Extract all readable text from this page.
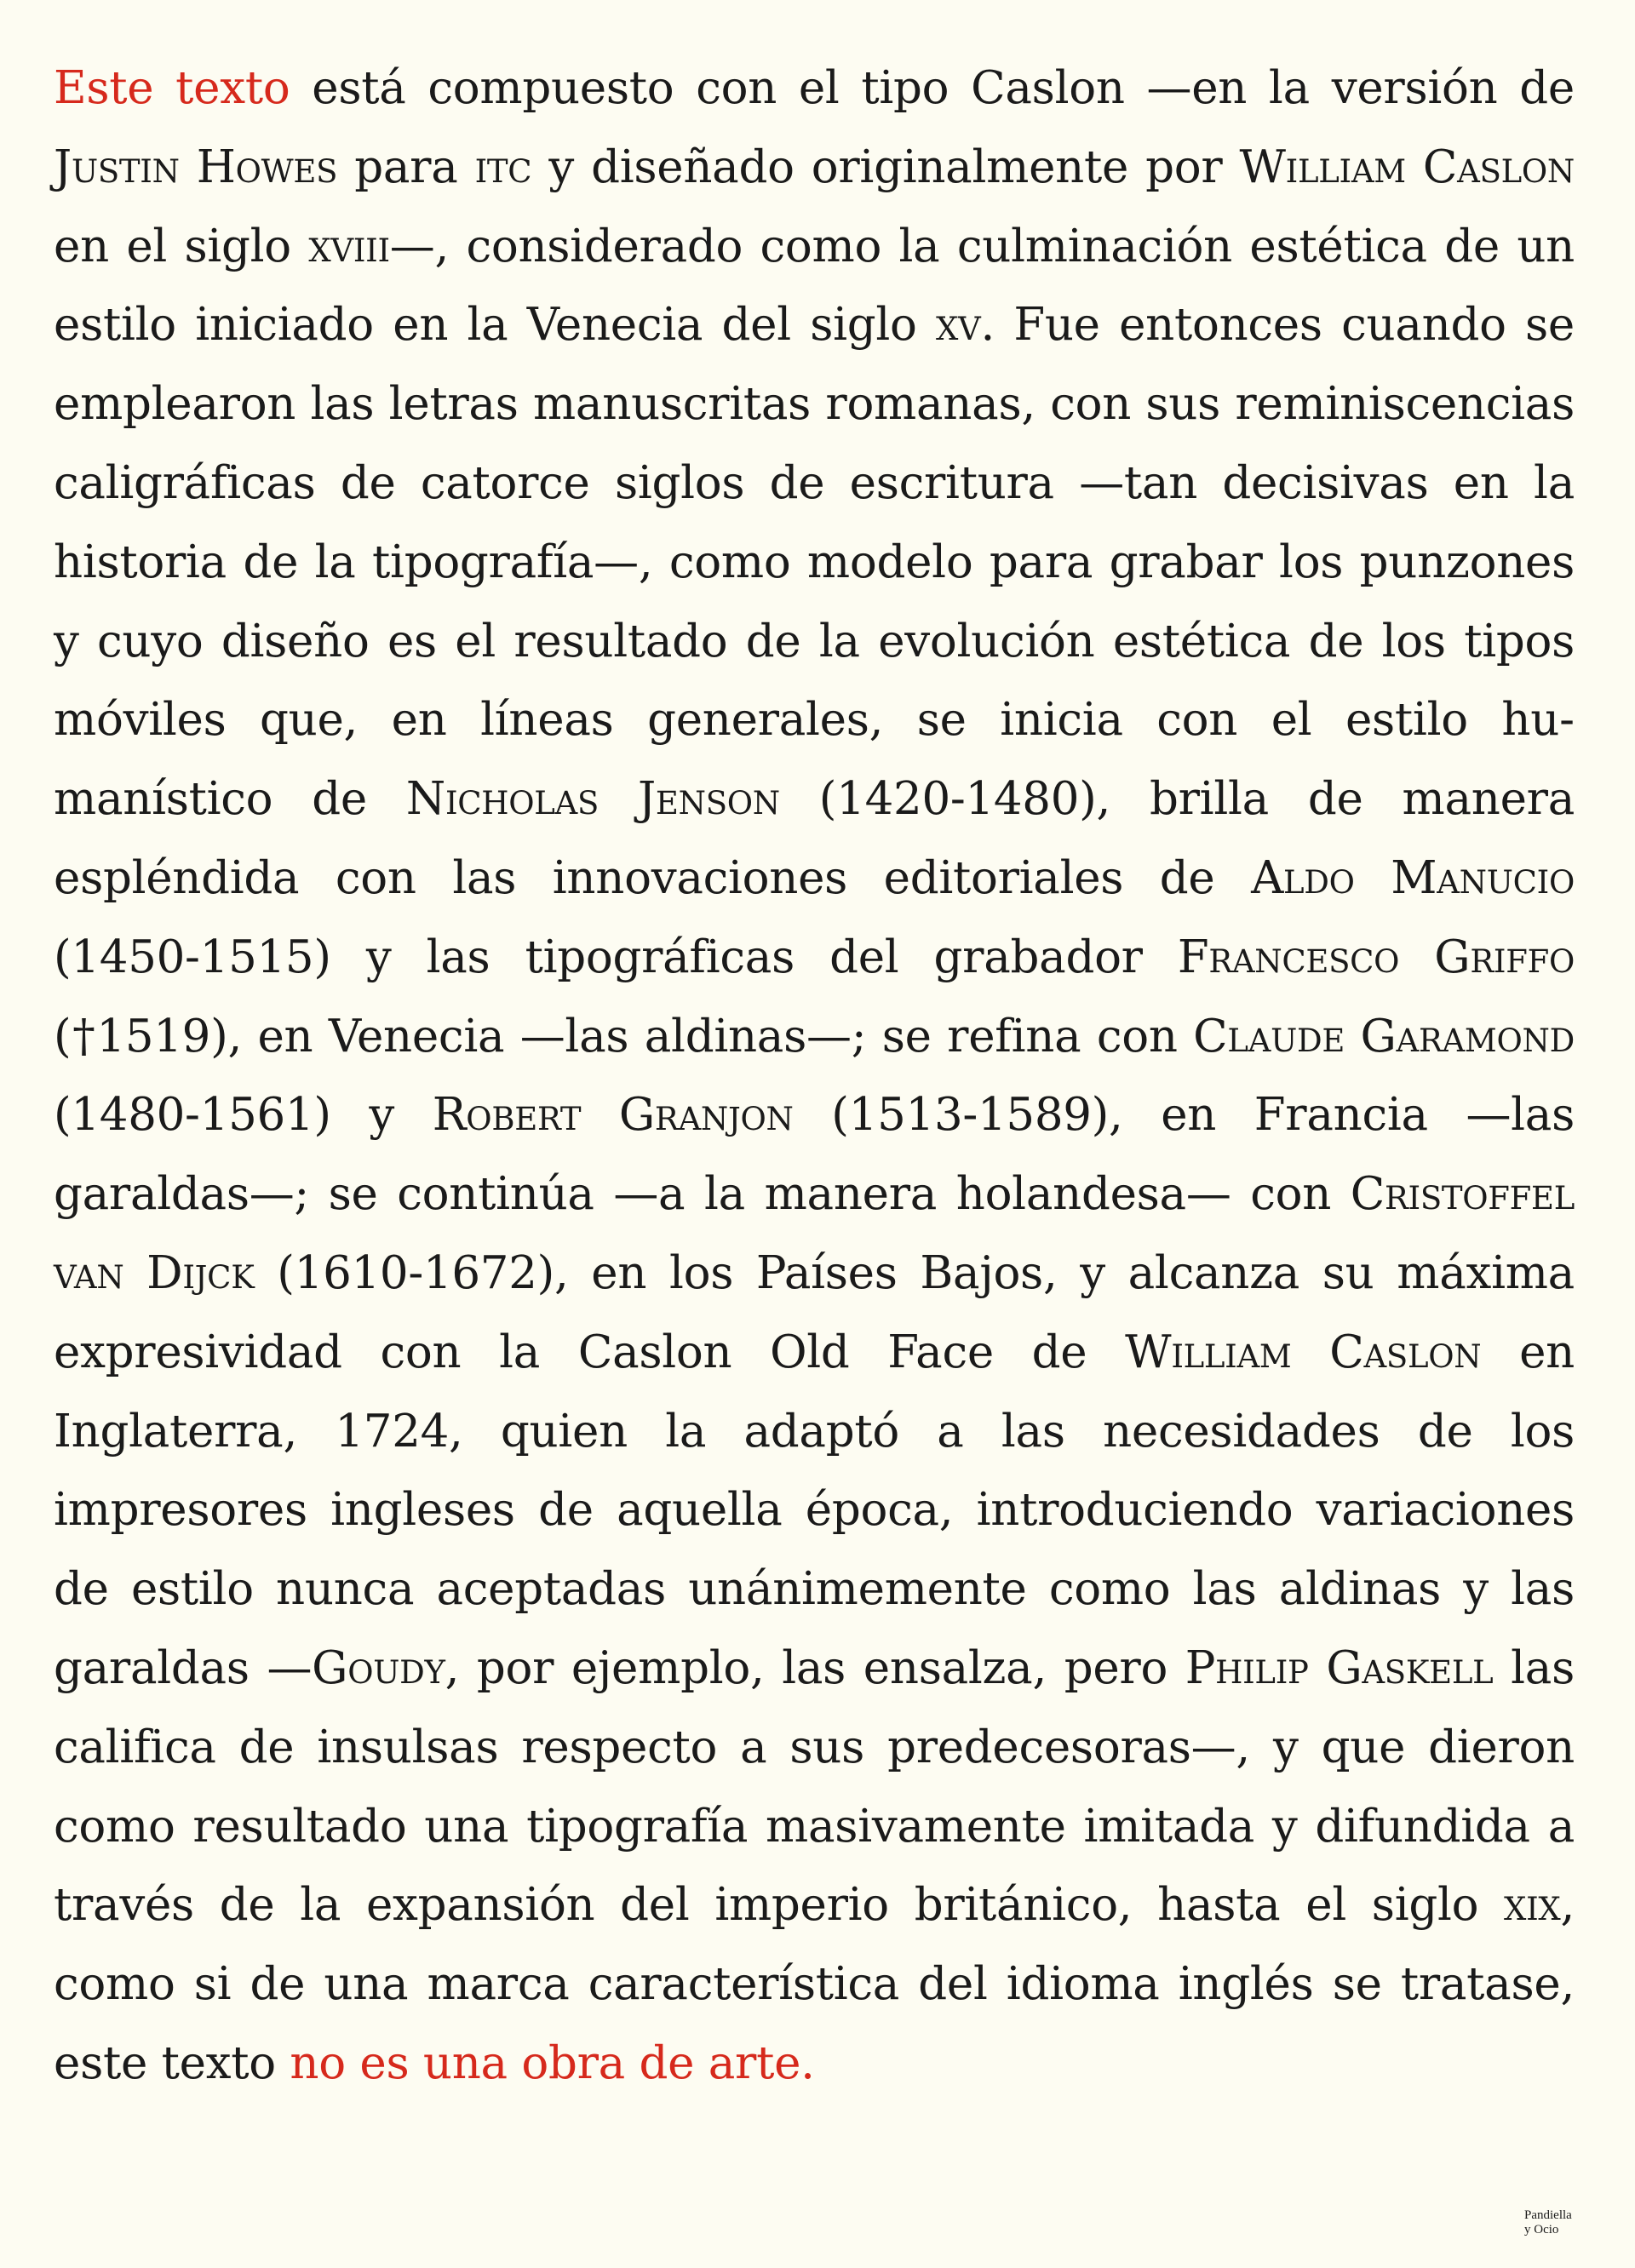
Este texto está compuesto con el tipo Caslon —en la versión de Justin Howes para itc y diseñado originalmente por William Caslon en el siglo xviii—, considerado como la culminación estética de un estilo iniciado en la Venecia del siglo xv. Fue entonces cuando se emplearon las letras manuscritas romanas, con sus reminiscencias caligráficas de catorce siglos de escritura —tan decisivas en la historia de la tipografía—, como modelo para grabar los punzones y cuyo diseño es el resultado de la evolución estética de los tipos móviles que, en líneas generales, se inicia con el estilo humanístico de Nicholas Jenson (1420-1480), brilla de manera espléndida con las innovaciones editoriales de Aldo Manucio (1450-1515) y las tipográficas del grabador Francesco Griffo (†1519), en Venecia —las aldinas—; se refina con Claude Garamond (1480-1561) y Robert Granjon (1513-1589), en Francia —las garaldas—; se continúa —a la manera holandesa— con Cristoffel van Dijck (1610-1672), en los Países Bajos, y alcanza su máxima expresividad con la Caslon Old Face de William Caslon en Inglaterra, 1724, quien la adaptó a las necesidades de los impresores ingleses de aquella época, introduciendo variaciones de estilo nunca aceptadas unánimemente como las aldinas y las garaldas —Goudy, por ejemplo, las ensalza, pero Philip Gaskell las califica de insulsas respecto a sus predecesoras—, y que dieron como resultado una tipografía masivamente imitada y difundida a través de la expansión del imperio británico, hasta el siglo xix, como si de una marca característica del idioma inglés se tratase, este texto no es una obra de arte.

Pandiella
y Ocio
